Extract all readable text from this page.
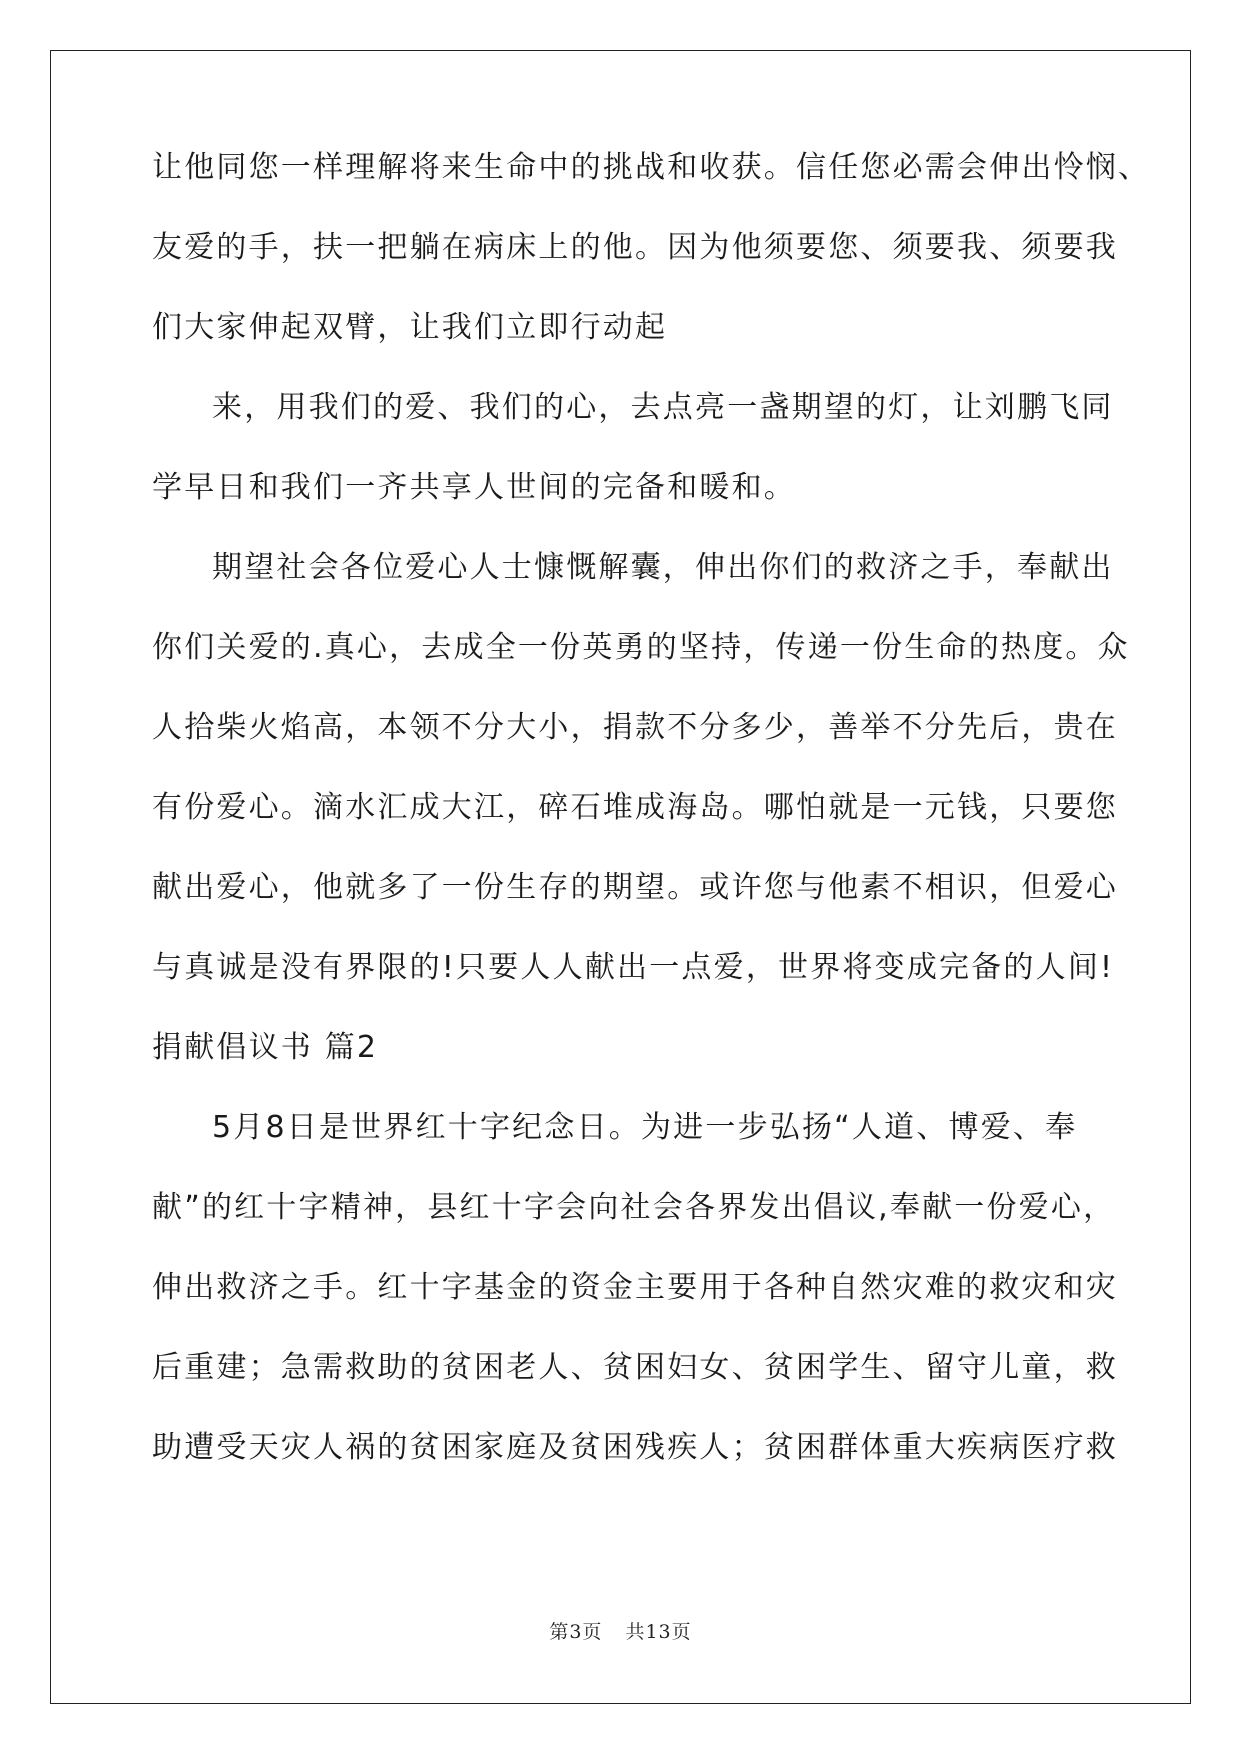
让他同您一样理解将来生命中的挑战和收获。信任您必需会伸出怜悯、
友爱的手，扶一把躺在病床上的他。因为他须要您、须要我、须要我
们大家伸起双臂，让我们立即行动起
来，用我们的爱、我们的心，去点亮一盏期望的灯，让刘鹏飞同
学早日和我们一齐共享人世间的完备和暖和。
期望社会各位爱心人士慷慨解囊，伸出你们的救济之手，奉献出
你们关爱的.真心，去成全一份英勇的坚持，传递一份生命的热度。众
人拾柴火焰高，本领不分大小，捐款不分多少，善举不分先后，贵在
有份爱心。滴水汇成大江，碎石堆成海岛。哪怕就是一元钱，只要您
献出爱心，他就多了一份生存的期望。或许您与他素不相识，但爱心
与真诚是没有界限的!只要人人献出一点爱，世界将变成完备的人间!
捐献倡议书 篇2
5月8日是世界红十字纪念日。为进一步弘扬“人道、博爱、奉
献”的红十字精神，县红十字会向社会各界发出倡议,奉献一份爱心，
伸出救济之手。红十字基金的资金主要用于各种自然灾难的救灾和灾
后重建；急需救助的贫困老人、贫困妇女、贫困学生、留守儿童，救
助遭受天灾人祸的贫困家庭及贫困残疾人；贫困群体重大疾病医疗救
第3页 共13页
